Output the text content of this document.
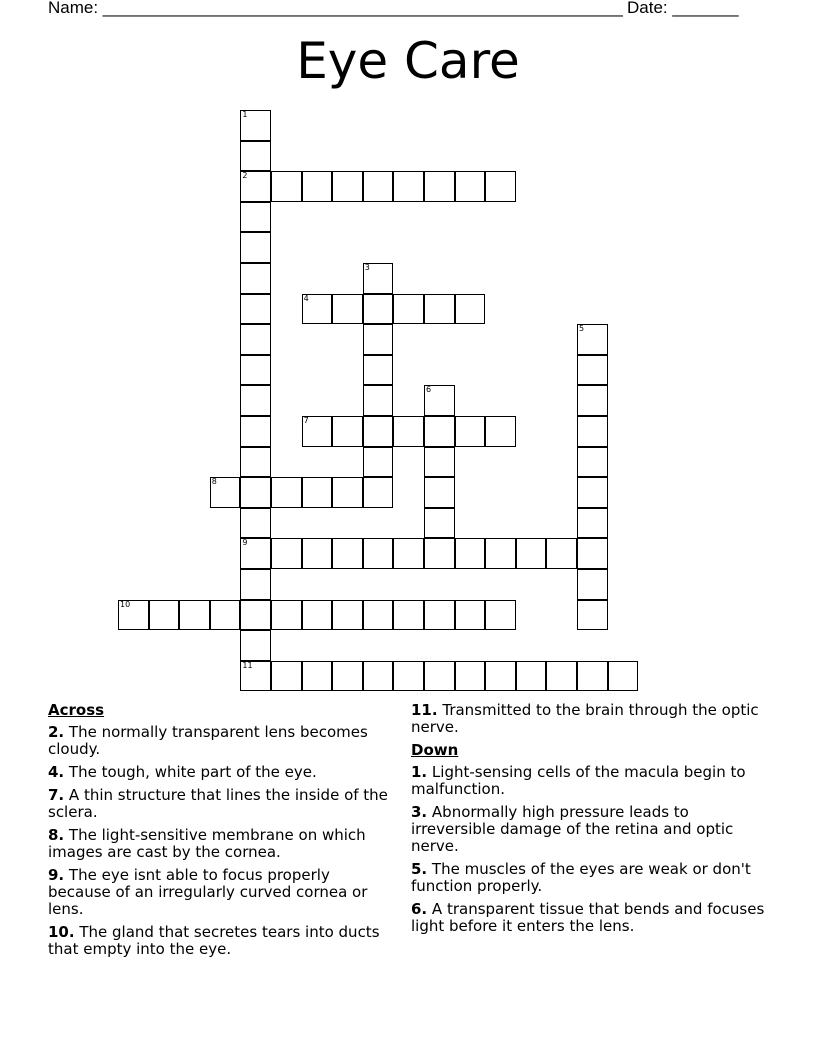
Name: _______________________________________________________ Date: _______
Eye Care
1
2
9
11
3
4
5
6
7
8
10
Across
2. The normally transparent lens becomes cloudy.
4. The tough, white part of the eye.
7. A thin structure that lines the inside of the sclera.
8. The light-sensitive membrane on which images are cast by the cornea.
9. The eye isnt able to focus properly because of an irregularly curved cornea or lens.
10. The gland that secretes tears into ducts that empty into the eye.
11. Transmitted to the brain through the optic nerve.
Down
1. Light-sensing cells of the macula begin to malfunction.
3. Abnormally high pressure leads to irreversible damage of the retina and optic nerve.
5. The muscles of the eyes are weak or don't function properly.
6. A transparent tissue that bends and focuses light before it enters the lens.
